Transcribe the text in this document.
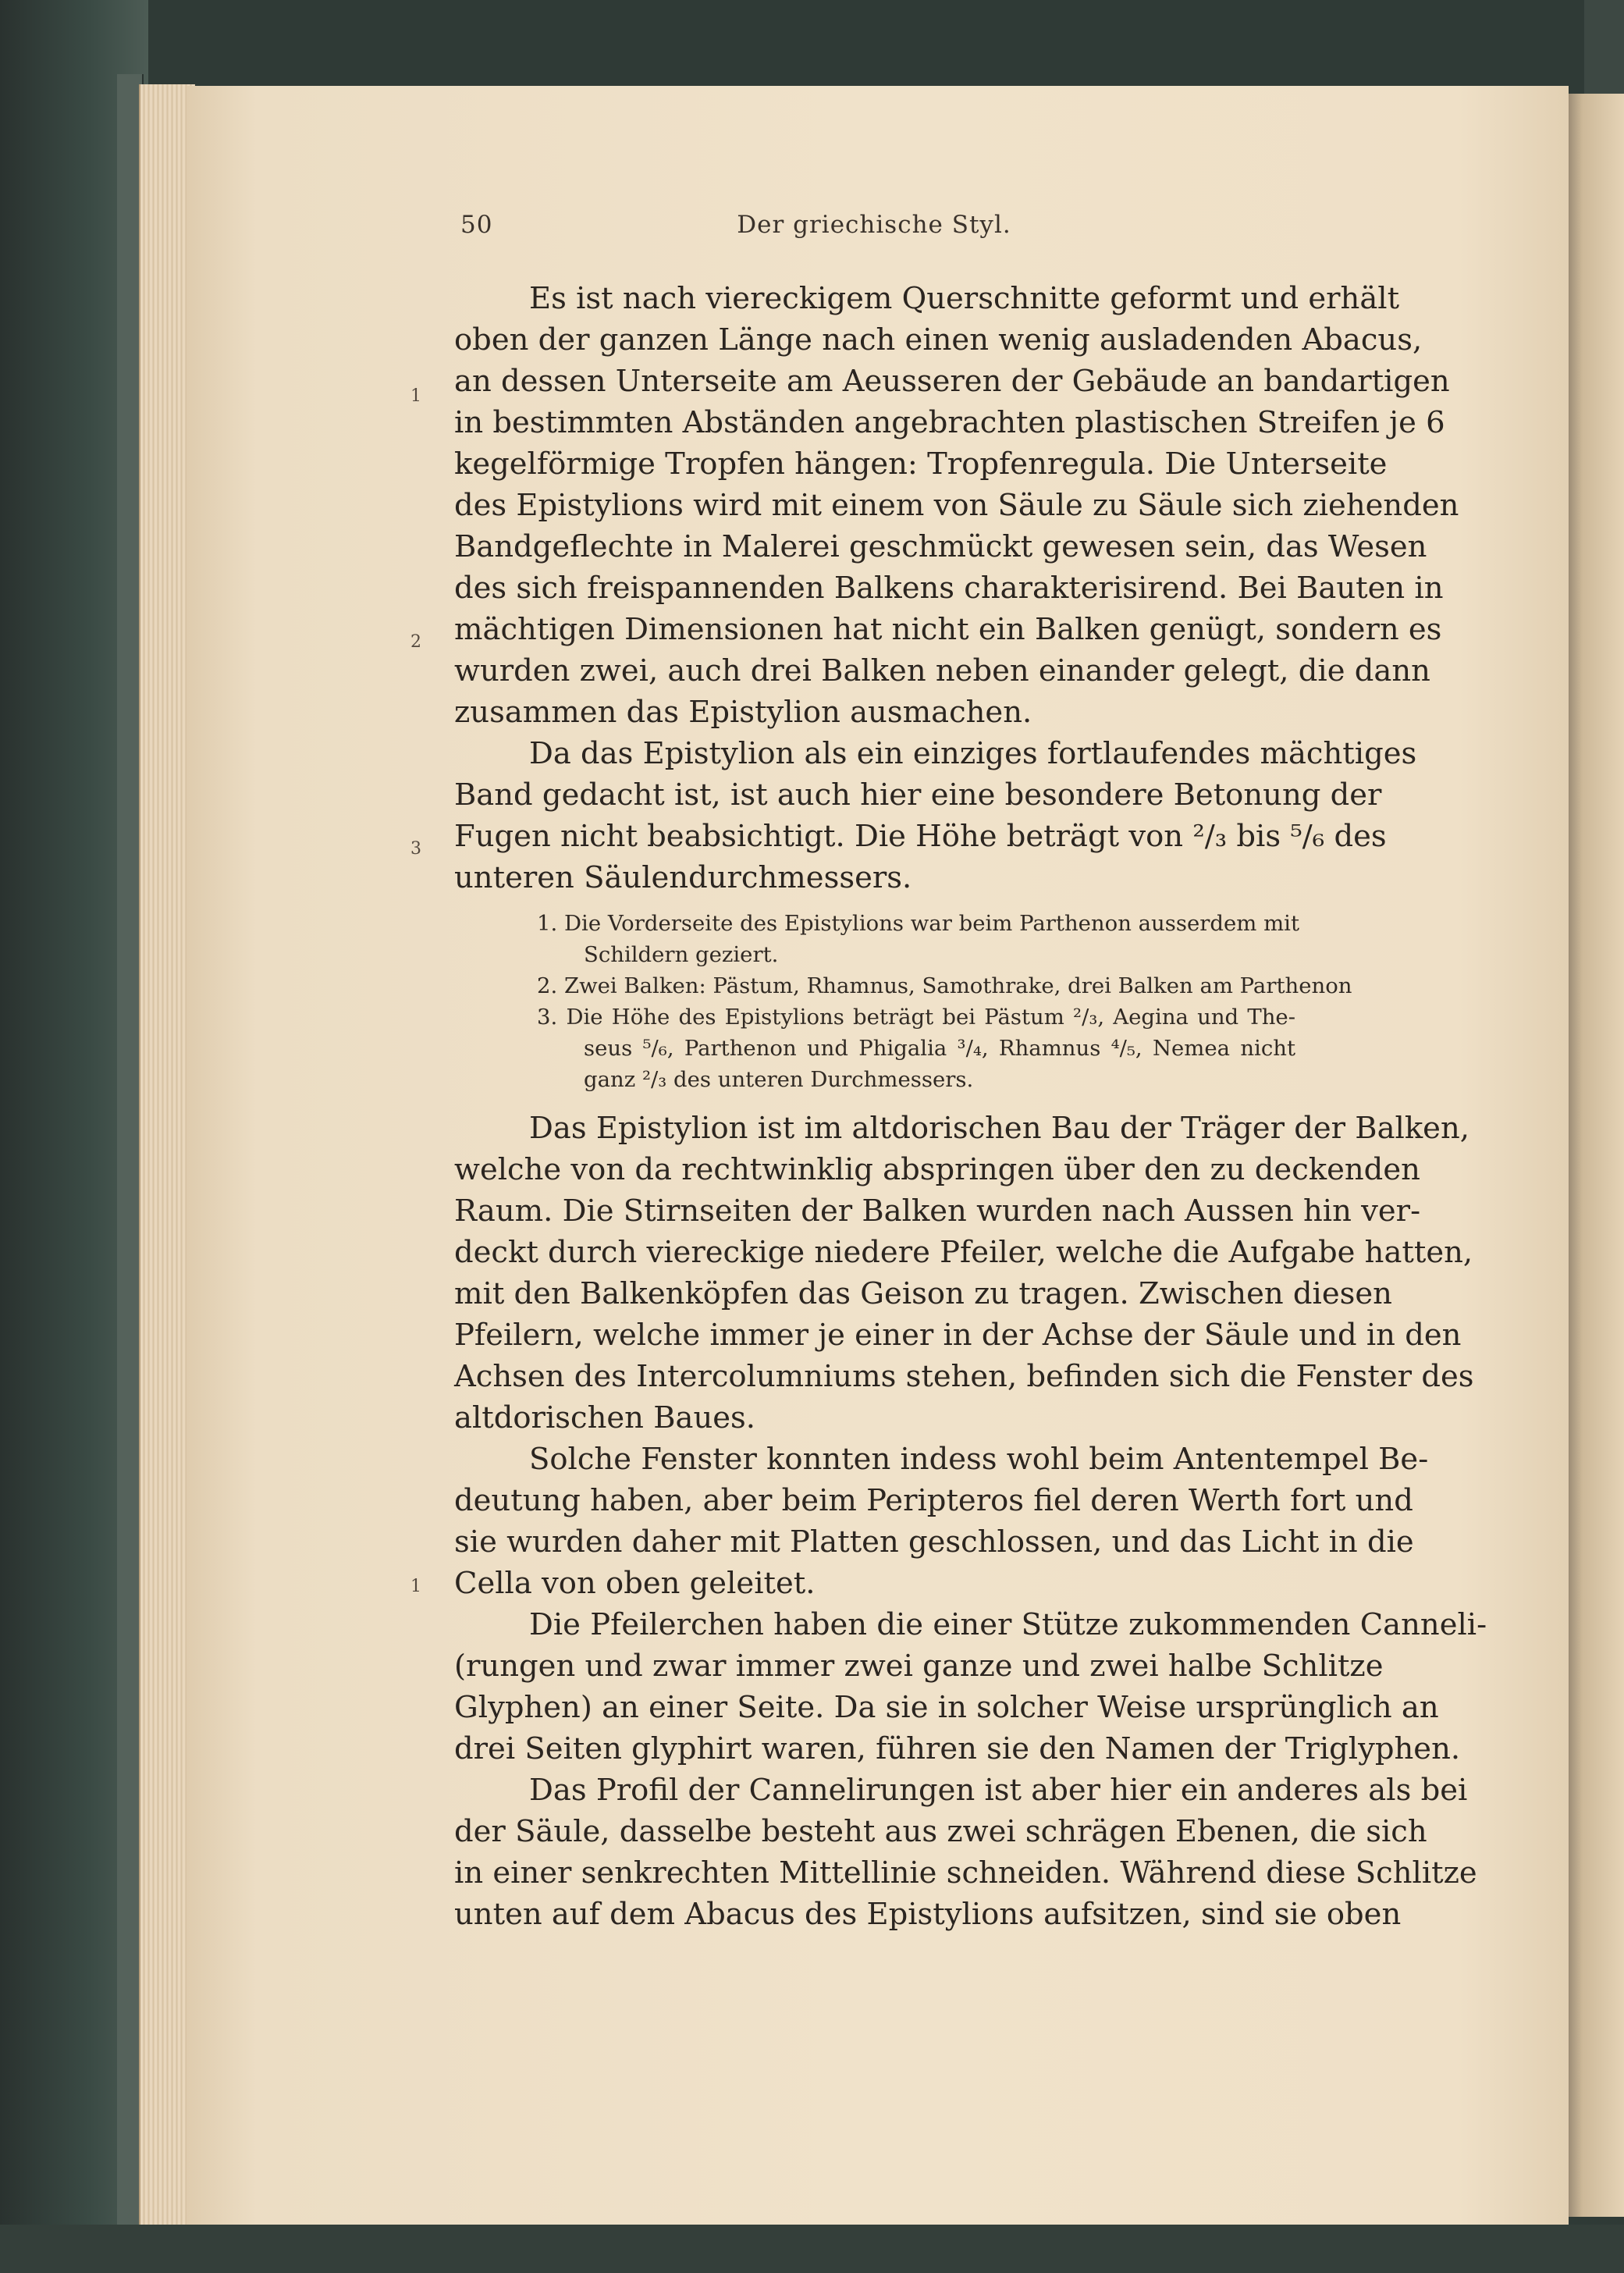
50	Der griechische Styl.
1
2
3
1
Es ist nach viereckigem Querschnitte geformt und erhält
oben der ganzen Länge nach einen wenig ausladenden Abacus,
an dessen Unterseite am Aeusseren der Gebäude an bandartigen
in bestimmten Abständen angebrachten plastischen Streifen je 6
kegelförmige Tropfen hängen: Tropfenregula. Die Unterseite
des Epistylions wird mit einem von Säule zu Säule sich ziehenden
Bandgeflechte in Malerei geschmückt gewesen sein, das Wesen
des sich freispannenden Balkens charakterisirend. Bei Bauten in
mächtigen Dimensionen hat nicht ein Balken genügt, sondern es
wurden zwei, auch drei Balken neben einander gelegt, die dann
zusammen das Epistylion ausmachen.
Da das Epistylion als ein einziges fortlaufendes mächtiges
Band gedacht ist, ist auch hier eine besondere Betonung der
Fugen nicht beabsichtigt. Die Höhe beträgt von ²/₃ bis ⁵/₆ des
unteren Säulendurchmessers.
1. Die Vorderseite des Epistylions war beim Parthenon ausserdem mit
Schildern geziert.
2. Zwei Balken: Pästum, Rhamnus, Samothrake, drei Balken am Parthenon
3. Die Höhe des Epistylions beträgt bei Pästum ²/₃, Aegina und The-
seus ⁵/₆, Parthenon und Phigalia ³/₄, Rhamnus ⁴/₅, Nemea nicht
ganz ²/₃ des unteren Durchmessers.
Das Epistylion ist im altdorischen Bau der Träger der Balken,
welche von da rechtwinklig abspringen über den zu deckenden
Raum. Die Stirnseiten der Balken wurden nach Aussen hin ver-
deckt durch viereckige niedere Pfeiler, welche die Aufgabe hatten,
mit den Balkenköpfen das Geison zu tragen. Zwischen diesen
Pfeilern, welche immer je einer in der Achse der Säule und in den
Achsen des Intercolumniums stehen, befinden sich die Fenster des
altdorischen Baues.
Solche Fenster konnten indess wohl beim Antentempel Be-
deutung haben, aber beim Peripteros fiel deren Werth fort und
sie wurden daher mit Platten geschlossen, und das Licht in die
Cella von oben geleitet.
Die Pfeilerchen haben die einer Stütze zukommenden Canneli-
(rungen und zwar immer zwei ganze und zwei halbe Schlitze
Glyphen) an einer Seite. Da sie in solcher Weise ursprünglich an
drei Seiten glyphirt waren, führen sie den Namen der Triglyphen.
Das Profil der Cannelirungen ist aber hier ein anderes als bei
der Säule, dasselbe besteht aus zwei schrägen Ebenen, die sich
in einer senkrechten Mittellinie schneiden. Während diese Schlitze
unten auf dem Abacus des Epistylions aufsitzen, sind sie oben
